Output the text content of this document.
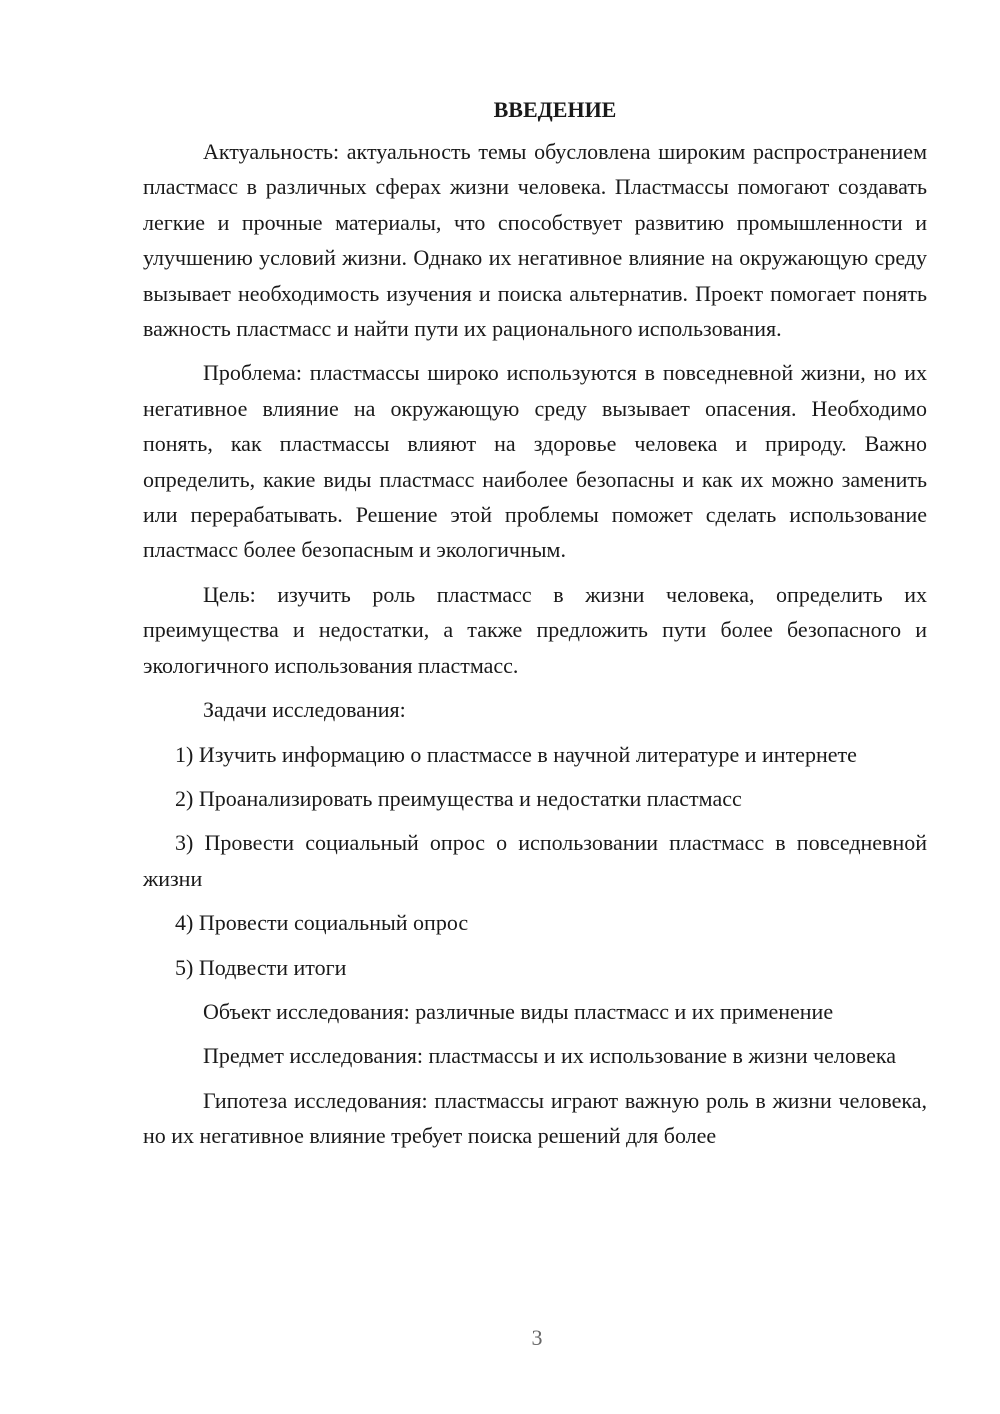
ВВЕДЕНИЕ

Актуальность: актуальность темы обусловлена широким распространением пластмасс в различных сферах жизни человека. Пластмассы помогают создавать легкие и прочные материалы, что способствует развитию промышленности и улучшению условий жизни. Однако их негативное влияние на окружающую среду вызывает необходимость изучения и поиска альтернатив. Проект помогает понять важность пластмасс и найти пути их рационального использования.

Проблема: пластмассы широко используются в повседневной жизни, но их негативное влияние на окружающую среду вызывает опасения. Необходимо понять, как пластмассы влияют на здоровье человека и природу. Важно определить, какие виды пластмасс наиболее безопасны и как их можно заменить или перерабатывать. Решение этой проблемы поможет сделать использование пластмасс более безопасным и экологичным.

Цель: изучить роль пластмасс в жизни человека, определить их преимущества и недостатки, а также предложить пути более безопасного и экологичного использования пластмасс.

Задачи исследования:

1) Изучить информацию о пластмассе в научной литературе и интернете

2) Проанализировать преимущества и недостатки пластмасс

3) Провести социальный опрос о использовании пластмасс в повседневной жизни

4) Провести социальный опрос

5) Подвести итоги

Объект исследования: различные виды пластмасс и их применение

Предмет исследования: пластмассы и их использование в жизни человека

Гипотеза исследования: пластмассы играют важную роль в жизни человека, но их негативное влияние требует поиска решений для более

3
